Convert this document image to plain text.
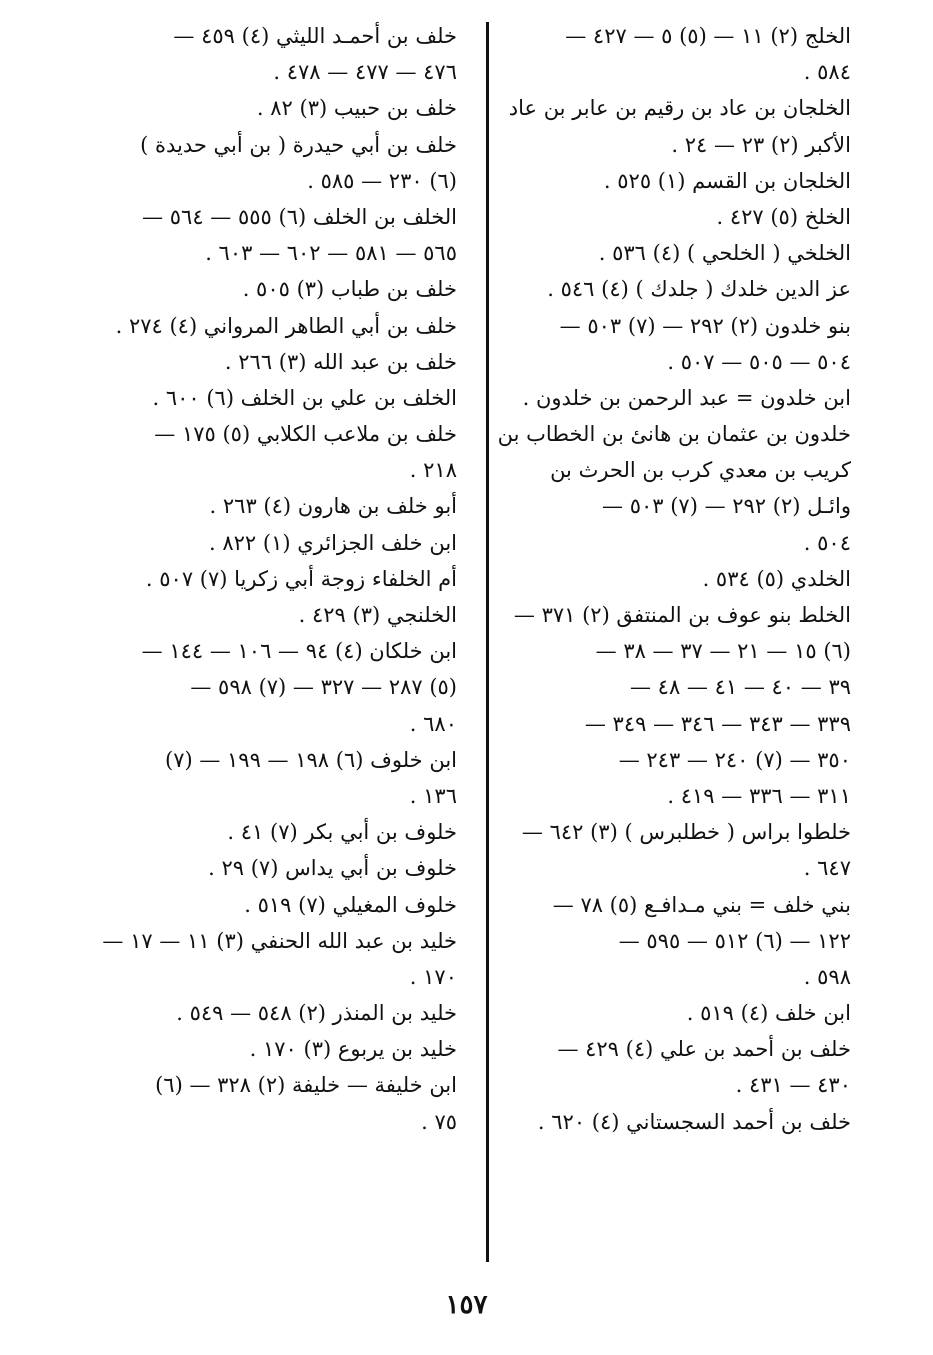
الخلج (٢) ١١ — (٥) ٥ — ٤٢٧ —
٥٨٤ .
الخلجان بن عاد بن رقيم بن عابر بن عاد
الأكبر (٢) ٢٣ — ٢٤ .
الخلجان بن القسم (١) ٥٢٥ .
الخلخ (٥) ٤٢٧ .
الخلخي ( الخلحي ) (٤) ٥٣٦ .
عز الدين خلدك ( جلدك ) (٤) ٥٤٦ .
بنو خلدون (٢) ٢٩٢ — (٧) ٥٠٣ —
٥٠٤ — ٥٠٥ — ٥٠٧ .
ابن خلدون = عبد الرحمن بن خلدون .
خلدون بن عثمان بن هانئ بن الخطاب بن
كريب بن معدي كرب بن الحرث بن
وائـل (٢) ٢٩٢ — (٧) ٥٠٣ —
٥٠٤ .
الخلدي (٥) ٥٣٤ .
الخلط بنو عوف بن المنتفق (٢) ٣٧١ —
(٦) ١٥ — ٢١ — ٣٧ — ٣٨ —
٣٩ — ٤٠ — ٤١ — ٤٨ —
٣٣٩ — ٣٤٣ — ٣٤٦ — ٣٤٩ —
٣٥٠ — (٧) ٢٤٠ — ٢٤٣ —
٣١١ — ٣٣٦ — ٤١٩ .
خلطوا براس ( خطلبرس ) (٣) ٦٤٢ —
٦٤٧ .
بني خلف = بني مـدافـع (٥) ٧٨ —
١٢٢ — (٦) ٥١٢ — ٥٩٥ —
٥٩٨ .
ابن خلف (٤) ٥١٩ .
خلف بن أحمد بن علي (٤) ٤٢٩ —
٤٣٠ — ٤٣١ .
خلف بن أحمد السجستاني (٤) ٦٢٠ .
خلف بن أحمـد الليثي (٤) ٤٥٩ —
٤٧٦ — ٤٧٧ — ٤٧٨ .
خلف بن حبيب (٣) ٨٢ .
خلف بن أبي حيدرة ( بن أبي حديدة )
(٦) ٢٣٠ — ٥٨٥ .
الخلف بن الخلف (٦) ٥٥٥ — ٥٦٤ —
٥٦٥ — ٥٨١ — ٦٠٢ — ٦٠٣ .
خلف بن طباب (٣) ٥٠٥ .
خلف بن أبي الطاهر المرواني (٤) ٢٧٤ .
خلف بن عبد الله (٣) ٢٦٦ .
الخلف بن علي بن الخلف (٦) ٦٠٠ .
خلف بن ملاعب الكلابي (٥) ١٧٥ —
٢١٨ .
أبو خلف بن هارون (٤) ٢٦٣ .
ابن خلف الجزائري (١) ٨٢٢ .
أم الخلفاء زوجة أبي زكريا (٧) ٥٠٧ .
الخلنجي (٣) ٤٢٩ .
ابن خلكان (٤) ٩٤ — ١٠٦ — ١٤٤ —
(٥) ٢٨٧ — ٣٢٧ — (٧) ٥٩٨ —
٦٨٠ .
ابن خلوف (٦) ١٩٨ — ١٩٩ — (٧)
١٣٦ .
خلوف بن أبي بكر (٧) ٤١ .
خلوف بن أبي يداس (٧) ٢٩ .
خلوف المغيلي (٧) ٥١٩ .
خليد بن عبد الله الحنفي (٣) ١١ — ١٧ —
١٧٠ .
خليد بن المنذر (٢) ٥٤٨ — ٥٤٩ .
خليد بن يربوع (٣) ١٧٠ .
ابن خليفة — خليفة (٢) ٣٢٨ — (٦)
٧٥ .
١٥٧
